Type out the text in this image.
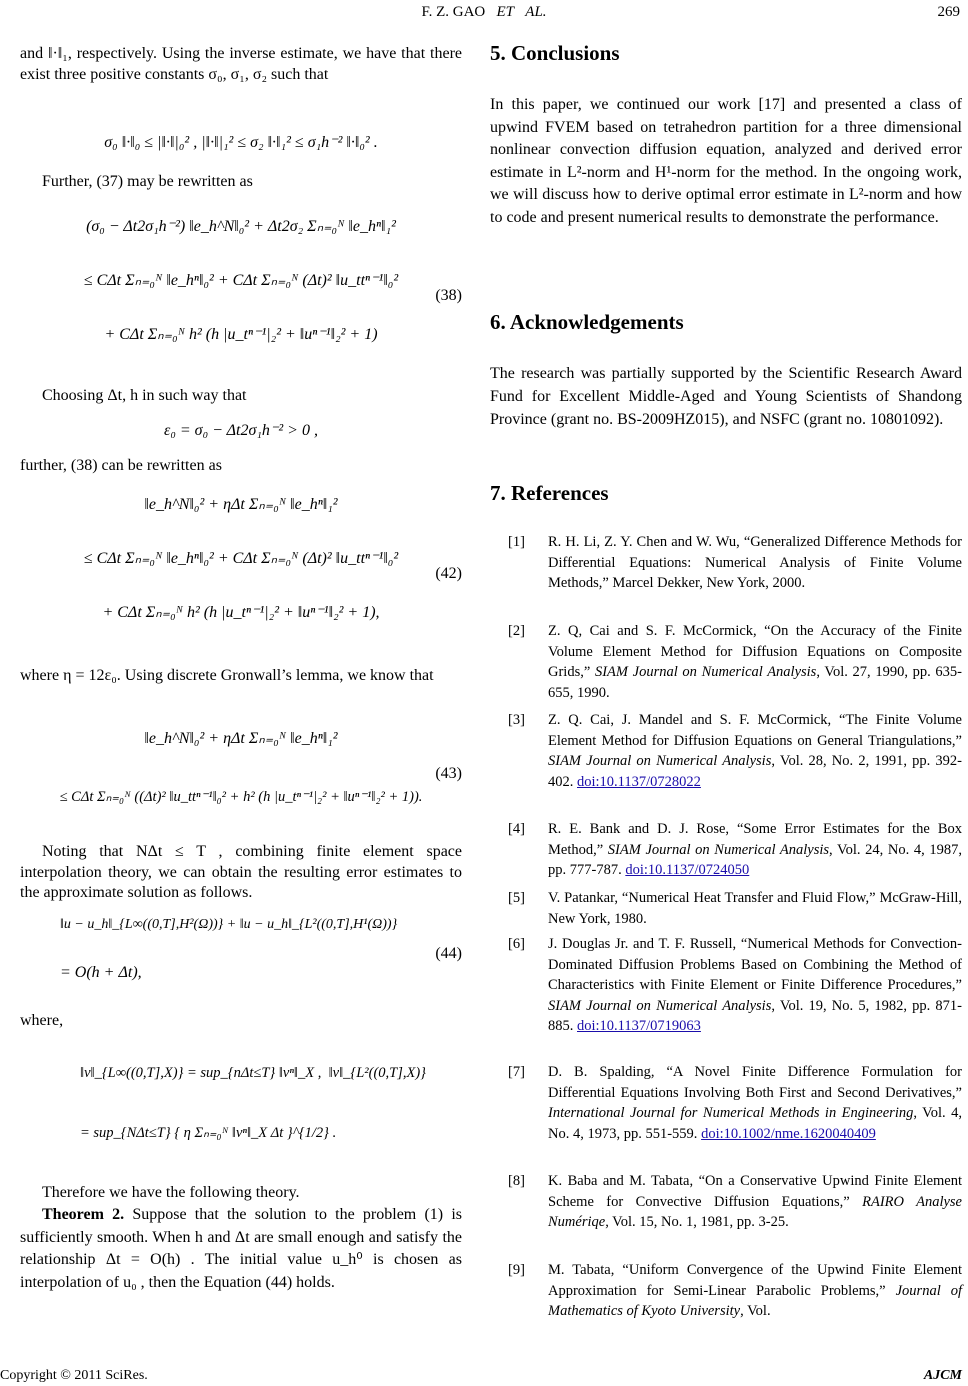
F. Z. GAO ET AL.	269
and ‖·‖₁, respectively. Using the inverse estimate, we have that there exist three positive constants σ₀, σ₁, σ₂ such that
σ₀ ‖·‖₀ ≤ |‖·‖|₀² , |‖·‖|₁² ≤ σ₂ ‖·‖₁² ≤ σ₁h⁻² ‖·‖₀² .
Further, (37) may be rewritten as
(σ₀ − Δt2σ₁h⁻²) ‖e_h^N‖₀² + Δt2σ₂ Σₙ₌₀ᴺ ‖e_hⁿ‖₁²
≤ CΔt Σₙ₌₀ᴺ ‖e_hⁿ‖₀² + CΔt Σₙ₌₀ᴺ (Δt)² ‖u_ttⁿ⁻¹‖₀²
+ CΔt Σₙ₌₀ᴺ h² (h |u_tⁿ⁻¹|₂² + ‖uⁿ⁻¹‖₂² + 1)
(38)
Choosing Δt, h in such way that
ε₀ = σ₀ − Δt2σ₁h⁻² > 0 ,
further, (38) can be rewritten as
‖e_h^N‖₀² + ηΔt Σₙ₌₀ᴺ ‖e_hⁿ‖₁²
≤ CΔt Σₙ₌₀ᴺ ‖e_hⁿ‖₀² + CΔt Σₙ₌₀ᴺ (Δt)² ‖u_ttⁿ⁻¹‖₀²
+ CΔt Σₙ₌₀ᴺ h² (h |u_tⁿ⁻¹|₂² + ‖uⁿ⁻¹‖₂² + 1),
(42)
where η = 12ε₀. Using discrete Gronwall’s lemma, we know that
‖e_h^N‖₀² + ηΔt Σₙ₌₀ᴺ ‖e_hⁿ‖₁²
≤ CΔt Σₙ₌₀ᴺ ((Δt)² ‖u_ttⁿ⁻¹‖₀² + h² (h |u_tⁿ⁻¹|₂² + ‖uⁿ⁻¹‖₂² + 1)).
(43)
Noting that NΔt ≤ T , combining finite element space interpolation theory, we can obtain the resulting error estimates to the approximate solution as follows.
‖u − u_h‖_{L∞((0,T],H²(Ω))} + ‖u − u_h‖_{L²((0,T],H¹(Ω))}
= O(h + Δt),
(44)
where,
‖v‖_{L∞((0,T],X)} = sup_{nΔt≤T} ‖vⁿ‖_X ,  ‖v‖_{L²((0,T],X)}
= sup_{NΔt≤T} { η Σₙ₌₀ᴺ ‖vⁿ‖_X Δt }^{1/2} .
Therefore we have the following theory.
Theorem 2. Suppose that the solution to the problem (1) is sufficiently smooth. When h and Δt are small enough and satisfy the relationship Δt = O(h) . The initial value u_h⁰ is chosen as interpolation of u₀ , then the Equation (44) holds.
5. Conclusions
In this paper, we continued our work [17] and presented a class of upwind FVEM based on tetrahedron partition for a three dimensional nonlinear convection diffusion equation, analyzed and derived error estimate in L²-norm and H¹-norm for the method. In the ongoing work, we will discuss how to derive optimal error estimate in L²-norm and how to code and present numerical results to demonstrate the performance.
6. Acknowledgements
The research was partially supported by the Scientific Research Award Fund for Excellent Middle-Aged and Young Scientists of Shandong Province (grant no. BS-2009HZ015), and NSFC (grant no. 10801092).
7. References
[1] R. H. Li, Z. Y. Chen and W. Wu, “Generalized Difference Methods for Differential Equations: Numerical Analysis of Finite Volume Methods,” Marcel Dekker, New York, 2000.
[2] Z. Q, Cai and S. F. McCormick, “On the Accuracy of the Finite Volume Element Method for Diffusion Equations on Composite Grids,” SIAM Journal on Numerical Analysis, Vol. 27, 1990, pp. 635-655, 1990.
[3] Z. Q. Cai, J. Mandel and S. F. McCormick, “The Finite Volume Element Method for Diffusion Equations on General Triangulations,” SIAM Journal on Numerical Analysis, Vol. 28, No. 2, 1991, pp. 392-402. doi:10.1137/0728022
[4] R. E. Bank and D. J. Rose, “Some Error Estimates for the Box Method,” SIAM Journal on Numerical Analysis, Vol. 24, No. 4, 1987, pp. 777-787. doi:10.1137/0724050
[5] V. Patankar, “Numerical Heat Transfer and Fluid Flow,” McGraw-Hill, New York, 1980.
[6] J. Douglas Jr. and T. F. Russell, “Numerical Methods for Convection-Dominated Diffusion Problems Based on Combining the Method of Characteristics with Finite Element or Finite Difference Procedures,” SIAM Journal on Numerical Analysis, Vol. 19, No. 5, 1982, pp. 871-885. doi:10.1137/0719063
[7] D. B. Spalding, “A Novel Finite Difference Formulation for Differential Equations Involving Both First and Second Derivatives,” International Journal for Numerical Methods in Engineering, Vol. 4, No. 4, 1973, pp. 551-559. doi:10.1002/nme.1620040409
[8] K. Baba and M. Tabata, “On a Conservative Upwind Finite Element Scheme for Convective Diffusion Equations,” RAIRO Analyse Numériqe, Vol. 15, No. 1, 1981, pp. 3-25.
[9] M. Tabata, “Uniform Convergence of the Upwind Finite Element Approximation for Semi-Linear Parabolic Problems,” Journal of Mathematics of Kyoto University, Vol.
Copyright © 2011 SciRes.	AJCM
